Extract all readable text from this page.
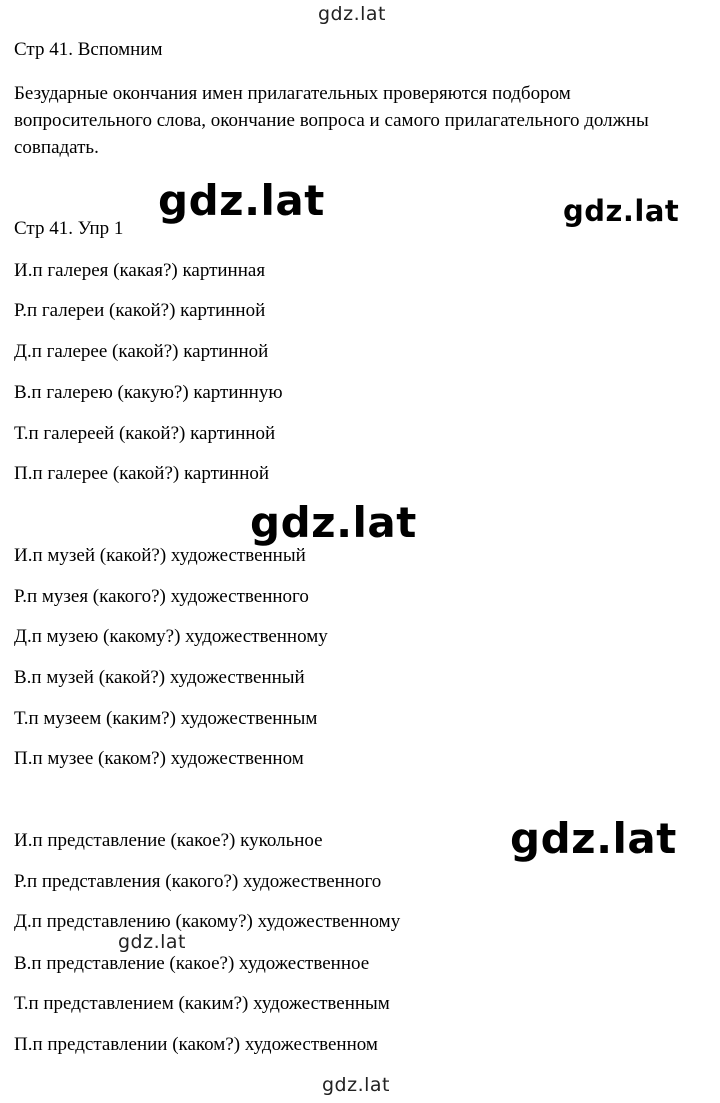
gdz.lat
gdz.lat	gdz.lat
gdz.lat
gdz.lat
gdz.lat
gdz.lat
Стр 41. Вспомним
Безударные окончания имен прилагательных проверяются подбором вопросительного слова, окончание вопроса и самого прилагательного должны совпадать.
Стр 41. Упр 1
И.п галерея (какая?) картинная
Р.п галереи (какой?) картинной
Д.п галерее (какой?) картинной
В.п галерею (какую?) картинную
Т.п галереей (какой?) картинной
П.п галерее (какой?) картинной
И.п музей (какой?) художественный
Р.п музея (какого?) художественного
Д.п музею (какому?) художественному
В.п музей (какой?) художественный
Т.п музеем (каким?) художественным
П.п музее (каком?) художественном
И.п представление (какое?) кукольное
Р.п представления (какого?) художественного
Д.п представлению (какому?) художественному
В.п представление (какое?) художественное
Т.п представлением (каким?) художественным
П.п представлении (каком?) художественном
